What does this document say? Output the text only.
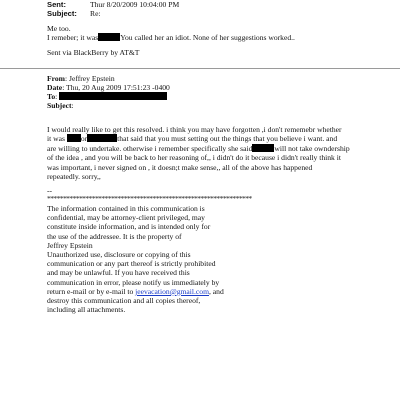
Sent:	Thur 8/20/2009 10:04:00 PM
Subject: Re:
Me too.
I remeber; it was	You called her an idiot. None of her suggestions worked..
Sent via BlackBerry by AT&T
From: Jeffrey Epstein
Date: Thu, 20 Aug 2009 17:51:23 -0400
To:
Subject:
I would really like to get this resolved. i think you may have forgotten ,i don't rememebr whether
it was or	that said that you must setting out the things that you believe i want. and
are willing to undertake. otherwise i remember specifically she said	will not take owndership
of the idea , and you will be back to her reasoning of,, i didn't do it because i didn't really think it
was important, i never signed on , it doesn;t make sense,, all of the above has happened
repeatedly. sorry,,
--
****************************************************************
The information contained in this communication is
confidential, may be attorney-client privileged, may
constitute inside information, and is intended only for
the use of the addressee. It is the property of
Jeffrey Epstein
Unauthorized use, disclosure or copying of this
communication or any part thereof is strictly prohibited
and may be unlawful. If you have received this
communication in error, please notify us immediately by
return e-mail or by e-mail to jeevacation@gmail.com, and
destroy this communication and all copies thereof,
including all attachments.
